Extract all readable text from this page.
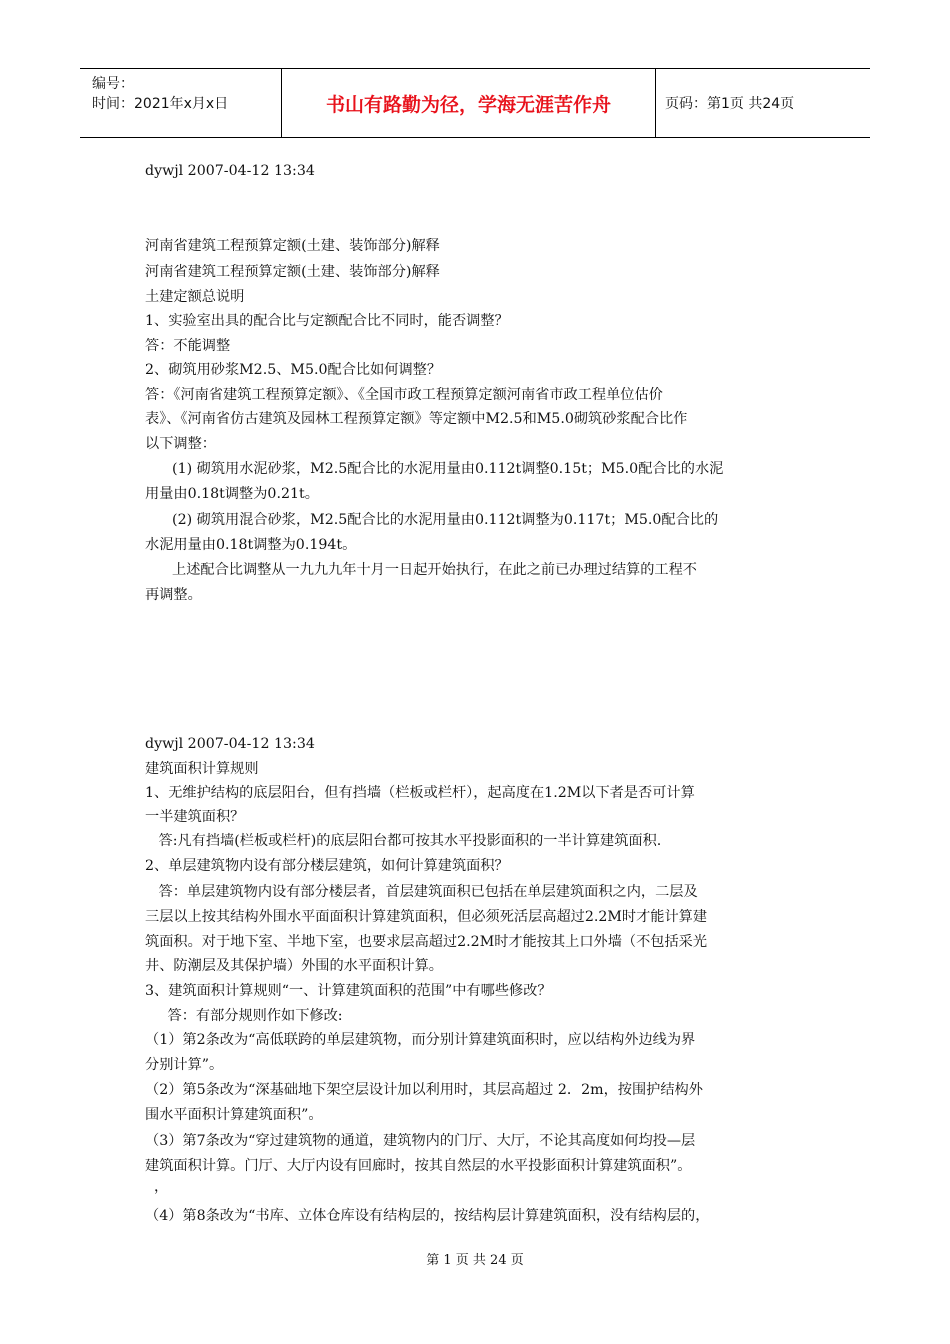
编号：
时间：2021年x月x日	书山有路勤为径，学海无涯苦作舟	页码：第1页 共24页
dywjl 2007-04-12 13:34
河南省建筑工程预算定额(土建、装饰部分)解释
河南省建筑工程预算定额(土建、装饰部分)解释
土建定额总说明
1、实验室出具的配合比与定额配合比不同时，能否调整？
答：不能调整
2、砌筑用砂浆M2.5、M5.0配合比如何调整？
答：《河南省建筑工程预算定额》、《全国市政工程预算定额河南省市政工程单位估价
表》、《河南省仿古建筑及园林工程预算定额》等定额中M2.5和M5.0砌筑砂浆配合比作
以下调整：
(1) 砌筑用水泥砂浆，M2.5配合比的水泥用量由0.112t调整0.15t；M5.0配合比的水泥
用量由0.18t调整为0.21t。
(2) 砌筑用混合砂浆，M2.5配合比的水泥用量由0.112t调整为0.117t；M5.0配合比的
水泥用量由0.18t调整为0.194t。
上述配合比调整从一九九九年十月一日起开始执行，在此之前已办理过结算的工程不
再调整。
dywjl 2007-04-12 13:34
建筑面积计算规则
1、无维护结构的底层阳台，但有挡墙（栏板或栏杆），起高度在1.2M以下者是否可计算
一半建筑面积？
答:凡有挡墙(栏板或栏杆)的底层阳台都可按其水平投影面积的一半计算建筑面积.
2、单层建筑物内设有部分楼层建筑，如何计算建筑面积？
答：单层建筑物内设有部分楼层者，首层建筑面积已包括在单层建筑面积之内，二层及
三层以上按其结构外围水平面面积计算建筑面积，但必须死活层高超过2.2M时才能计算建
筑面积。对于地下室、半地下室，也要求层高超过2.2M时才能按其上口外墙（不包括采光
井、防潮层及其保护墙）外围的水平面积计算。
3、建筑面积计算规则“一、计算建筑面积的范围”中有哪些修改？
答：有部分规则作如下修改:
（1）第2条改为“高低联跨的单层建筑物，而分别计算建筑面积时，应以结构外边线为界
分别计算”。
（2）第5条改为“深基础地下架空层设计加以利用时，其层高超过 2．2m，按围护结构外
围水平面积计算建筑面积”。
（3）第7条改为“穿过建筑物的通道，建筑物内的门厅、大厅，不论其高度如何均投—层
建筑面积计算。门厅、大厅内设有回廊时，按其自然层的水平投影面积计算建筑面积”。
，
（4）第8条改为“书库、立体仓库设有结构层的，按结构层计算建筑面积，没有结构层的，
第 1 页 共 24 页
